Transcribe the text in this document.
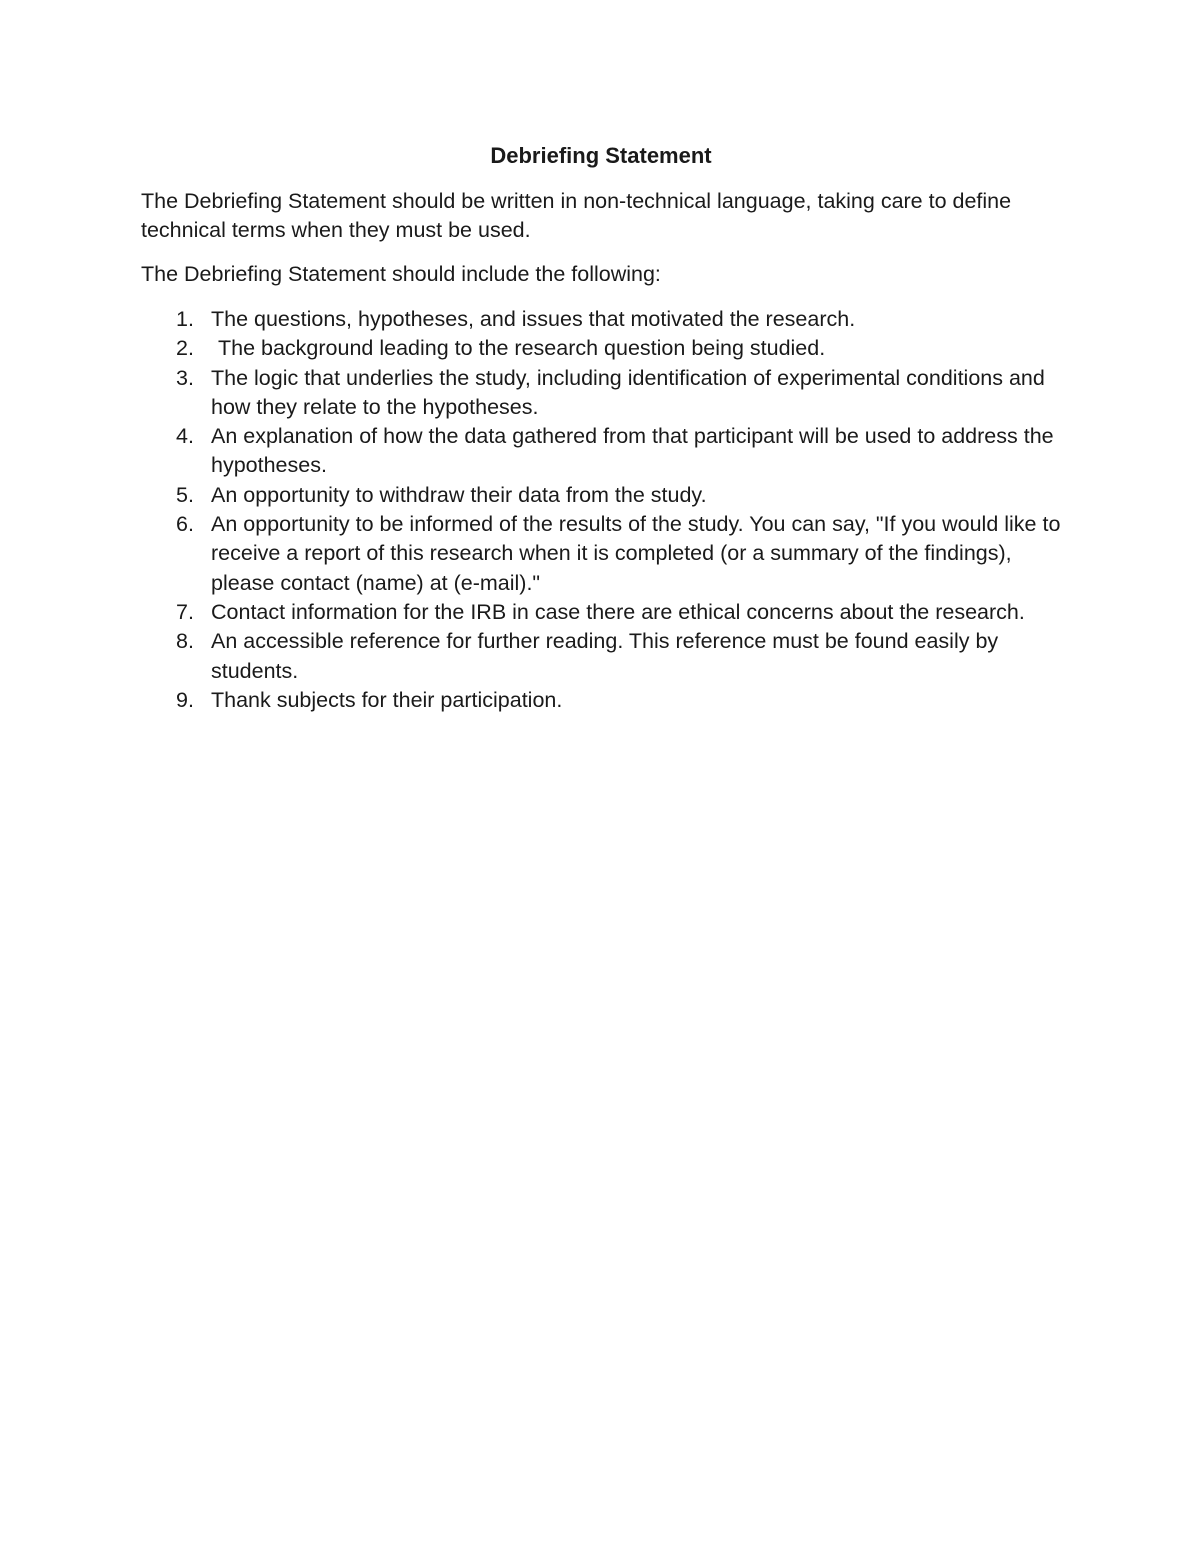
Debriefing Statement

The Debriefing Statement should be written in non-technical language, taking care to define technical terms when they must be used.

The Debriefing Statement should include the following:

1. The questions, hypotheses, and issues that motivated the research.
2. The background leading to the research question being studied.
3. The logic that underlies the study, including identification of experimental conditions and how they relate to the hypotheses.
4. An explanation of how the data gathered from that participant will be used to address the hypotheses.
5. An opportunity to withdraw their data from the study.
6. An opportunity to be informed of the results of the study. You can say, "If you would like to receive a report of this research when it is completed (or a summary of the findings), please contact (name) at (e-mail)."
7. Contact information for the IRB in case there are ethical concerns about the research.
8. An accessible reference for further reading. This reference must be found easily by students.
9. Thank subjects for their participation.
